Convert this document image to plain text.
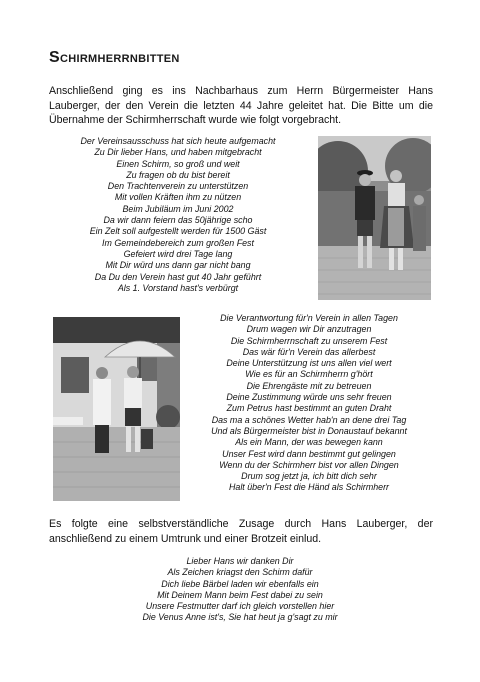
Schirmherrnbitten
Anschließend ging es ins Nachbarhaus zum Herrn Bürgermeister Hans Lauberger, der den Verein die letzten 44 Jahre geleitet hat. Die Bitte um die Übernahme der Schirmherrschaft wurde wie folgt vorgebracht.
Der Vereinsausschuss hat sich heute aufgemacht
Zu Dir lieber Hans, und haben mitgebracht
Einen Schirm, so groß und weit
Zu fragen ob du bist bereit
Den Trachtenverein zu unterstützen
Mit vollen Kräften ihm zu nützen
Beim Jubiläum im Juni 2002
Da wir dann feiern das 50jährige scho
Ein Zelt soll aufgestellt werden für 1500 Gäst
Im Gemeindebereich zum großen Fest
Gefeiert wird drei Tage lang
Mit Dir würd uns dann gar nicht bang
Da Du den Verein hast gut 40 Jahr geführt
Als 1. Vorstand hast's verbürgt
Die Verantwortung für'n Verein in allen Tagen
Drum wagen wir Dir anzutragen
Die Schirmherrnschaft zu unserem Fest
Das wär für'n Verein das allerbest
Deine Unterstützung ist uns allen viel wert
Wie es für an Schirmherrn g'hört
Die Ehrengäste mit zu betreuen
Deine Zustimmung würde uns sehr freuen
Zum Petrus hast bestimmt an guten Draht
Das ma a schönes Wetter hab'n an dene drei Tag
Und als Bürgermeister bist in Donaustauf bekannt
Als ein Mann, der was bewegen kann
Unser Fest wird dann bestimmt gut gelingen
Wenn du der Schirmherr bist vor allen Dingen
Drum sog jetzt ja, ich bitt dich sehr
Halt über'n Fest die Händ als Schirmherr
Es folgte eine selbstverständliche Zusage durch Hans Lauberger, der anschließend zu einem Umtrunk und einer Brotzeit einlud.
Lieber Hans wir danken Dir
Als Zeichen kriagst den Schirm dafür
Dich liebe Bärbel laden wir ebenfalls ein
Mit Deinem Mann beim Fest dabei zu sein
Unsere Festmutter darf ich gleich vorstellen hier
Die Venus Anne ist's, Sie hat heut ja g'sagt zu mir
